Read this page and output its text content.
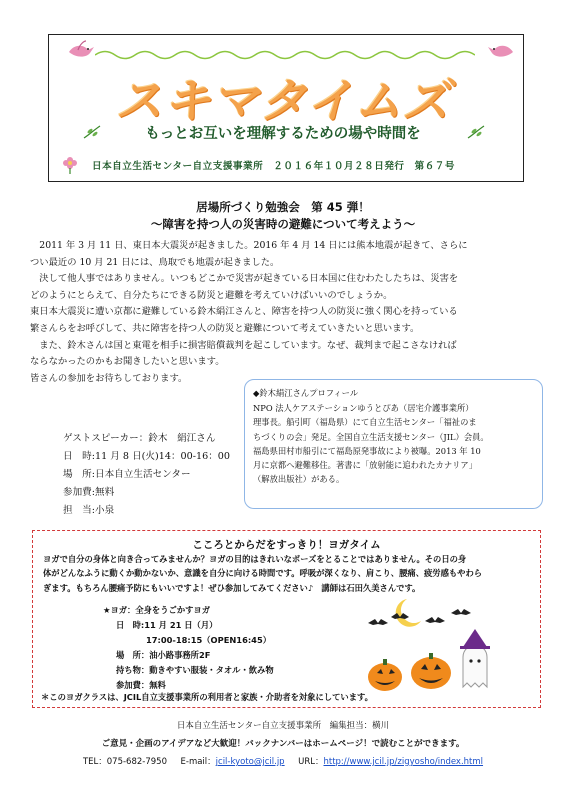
スキマタイムズ
もっとお互いを理解するための場や時間を
日本自立生活センター自立支援事業所　２０１６年１０月２８日発行　第６７号
居場所づくり勉強会　第 45 弾！
～障害を持つ人の災害時の避難について考えよう～
　2011 年 3 月 11 日、東日本大震災が起きました。2016 年 4 月 14 日には熊本地震が起きて、さらに
つい最近の 10 月 21 日には、鳥取でも地震が起きました。
　決して他人事ではありません。いつもどこかで災害が起きている日本国に住むわたしたちは、災害を
どのようにとらえて、自分たちにできる防災と避難を考えていけばいいのでしょうか。
東日本大震災に遭い京都に避難している鈴木絹江さんと、障害を持つ人の防災に強く関心を持っている
繁さんらをお呼びして、共に障害を持つ人の防災と避難について考えていきたいと思います。
　また、鈴木さんは国と東電を相手に損害賠償裁判を起こしています。なぜ、裁判まで起こさなければ
ならなかったのかもお聞きしたいと思います。
皆さんの参加をお待ちしております。
ゲストスピーカー：鈴木　絹江さん
日　時:11 月 8 日(火)14：00-16：00
場　所:日本自立生活センター
参加費:無料
担　当:小泉
◆鈴木絹江さんプロフィール
NPO 法人ケアステーションゆうとぴあ（居宅介護事業所）
理事長。船引町（福島県）にて自立生活センター「福祉のま
ちづくりの会」発足。全国自立生活支援センター（JIL）会員。
福島県田村市船引にて福島原発事故により被曝。2013 年 10
月に京都へ避難移住。著書に「放射能に追われたカナリア」
（解放出版社）がある。
こころとからだをすっきり！ヨガタイム
ヨガで自分の身体と向き合ってみませんか？ヨガの目的はきれいなポーズをとることではありません。その日の身
体がどんなふうに動くか動かないか、意識を自分に向ける時間です。呼吸が深くなり、肩こり、腰痛、疲労感もやわら
ぎます。もちろん腰痛予防にもいいですよ！ぜひ参加してみてください♪　講師は石田久美さんです。
★ヨガ：全身をうごかすヨガ
日　時:11 月 21 日（月）
17:00-18:15（OPEN16:45）
場　所：油小路事務所2F
持ち物：動きやすい服装・タオル・飲み物
参加費：無料
＊このヨガクラスは、JCIL自立支援事業所の利用者と家族・介助者を対象にしています。
日本自立生活センター自立支援事業所　編集担当：横川
ご意見・企画のアイデアなど大歓迎！バックナンバーはホームページ！で読むことができます。
TEL：075-682-7950 E-mail：jcil-kyoto@jcil.jp URL：http://www.jcil.jp/zigyosho/index.html
